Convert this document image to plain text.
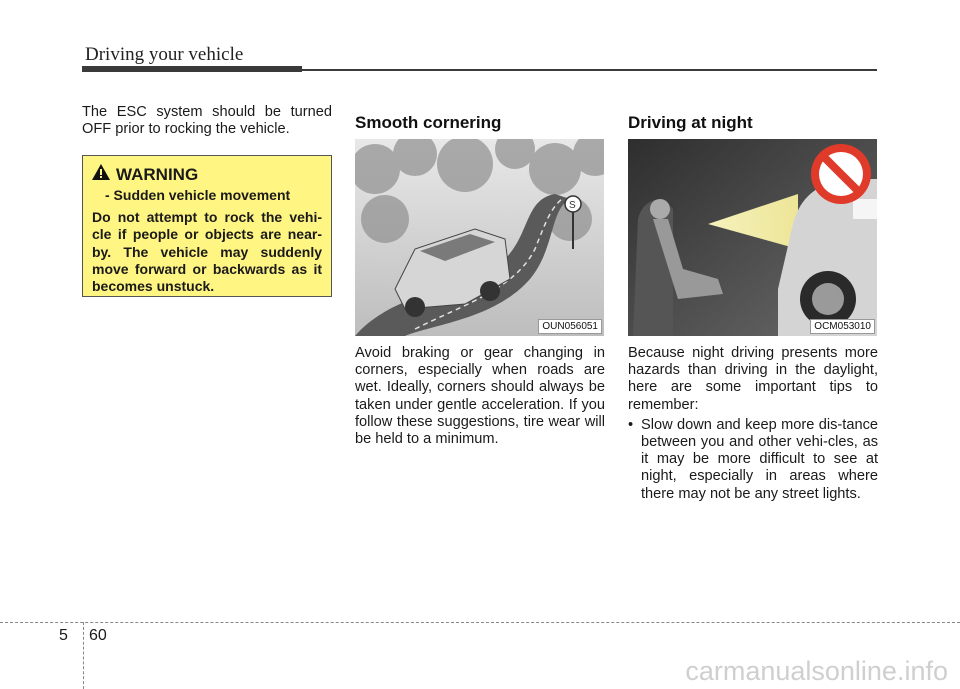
Driving your vehicle

The ESC system should be turned OFF prior to rocking the vehicle.

WARNING
- Sudden vehicle movement

Do not attempt to rock the vehi-cle if people or objects are near-by. The vehicle may suddenly move forward or backwards as it becomes unstuck.

Smooth cornering
S
OUN056051

Avoid braking or gear changing in corners, especially when roads are wet. Ideally, corners should always be taken under gentle acceleration. If you follow these suggestions, tire wear will be held to a minimum.

Driving at night
OCM053010

Because night driving presents more hazards than driving in the daylight, here are some important tips to remember:

• Slow down and keep more dis-tance between you and other vehi-cles, as it may be more difficult to see at night, especially in areas where there may not be any street lights.

5 60
carmanualsonline.info
